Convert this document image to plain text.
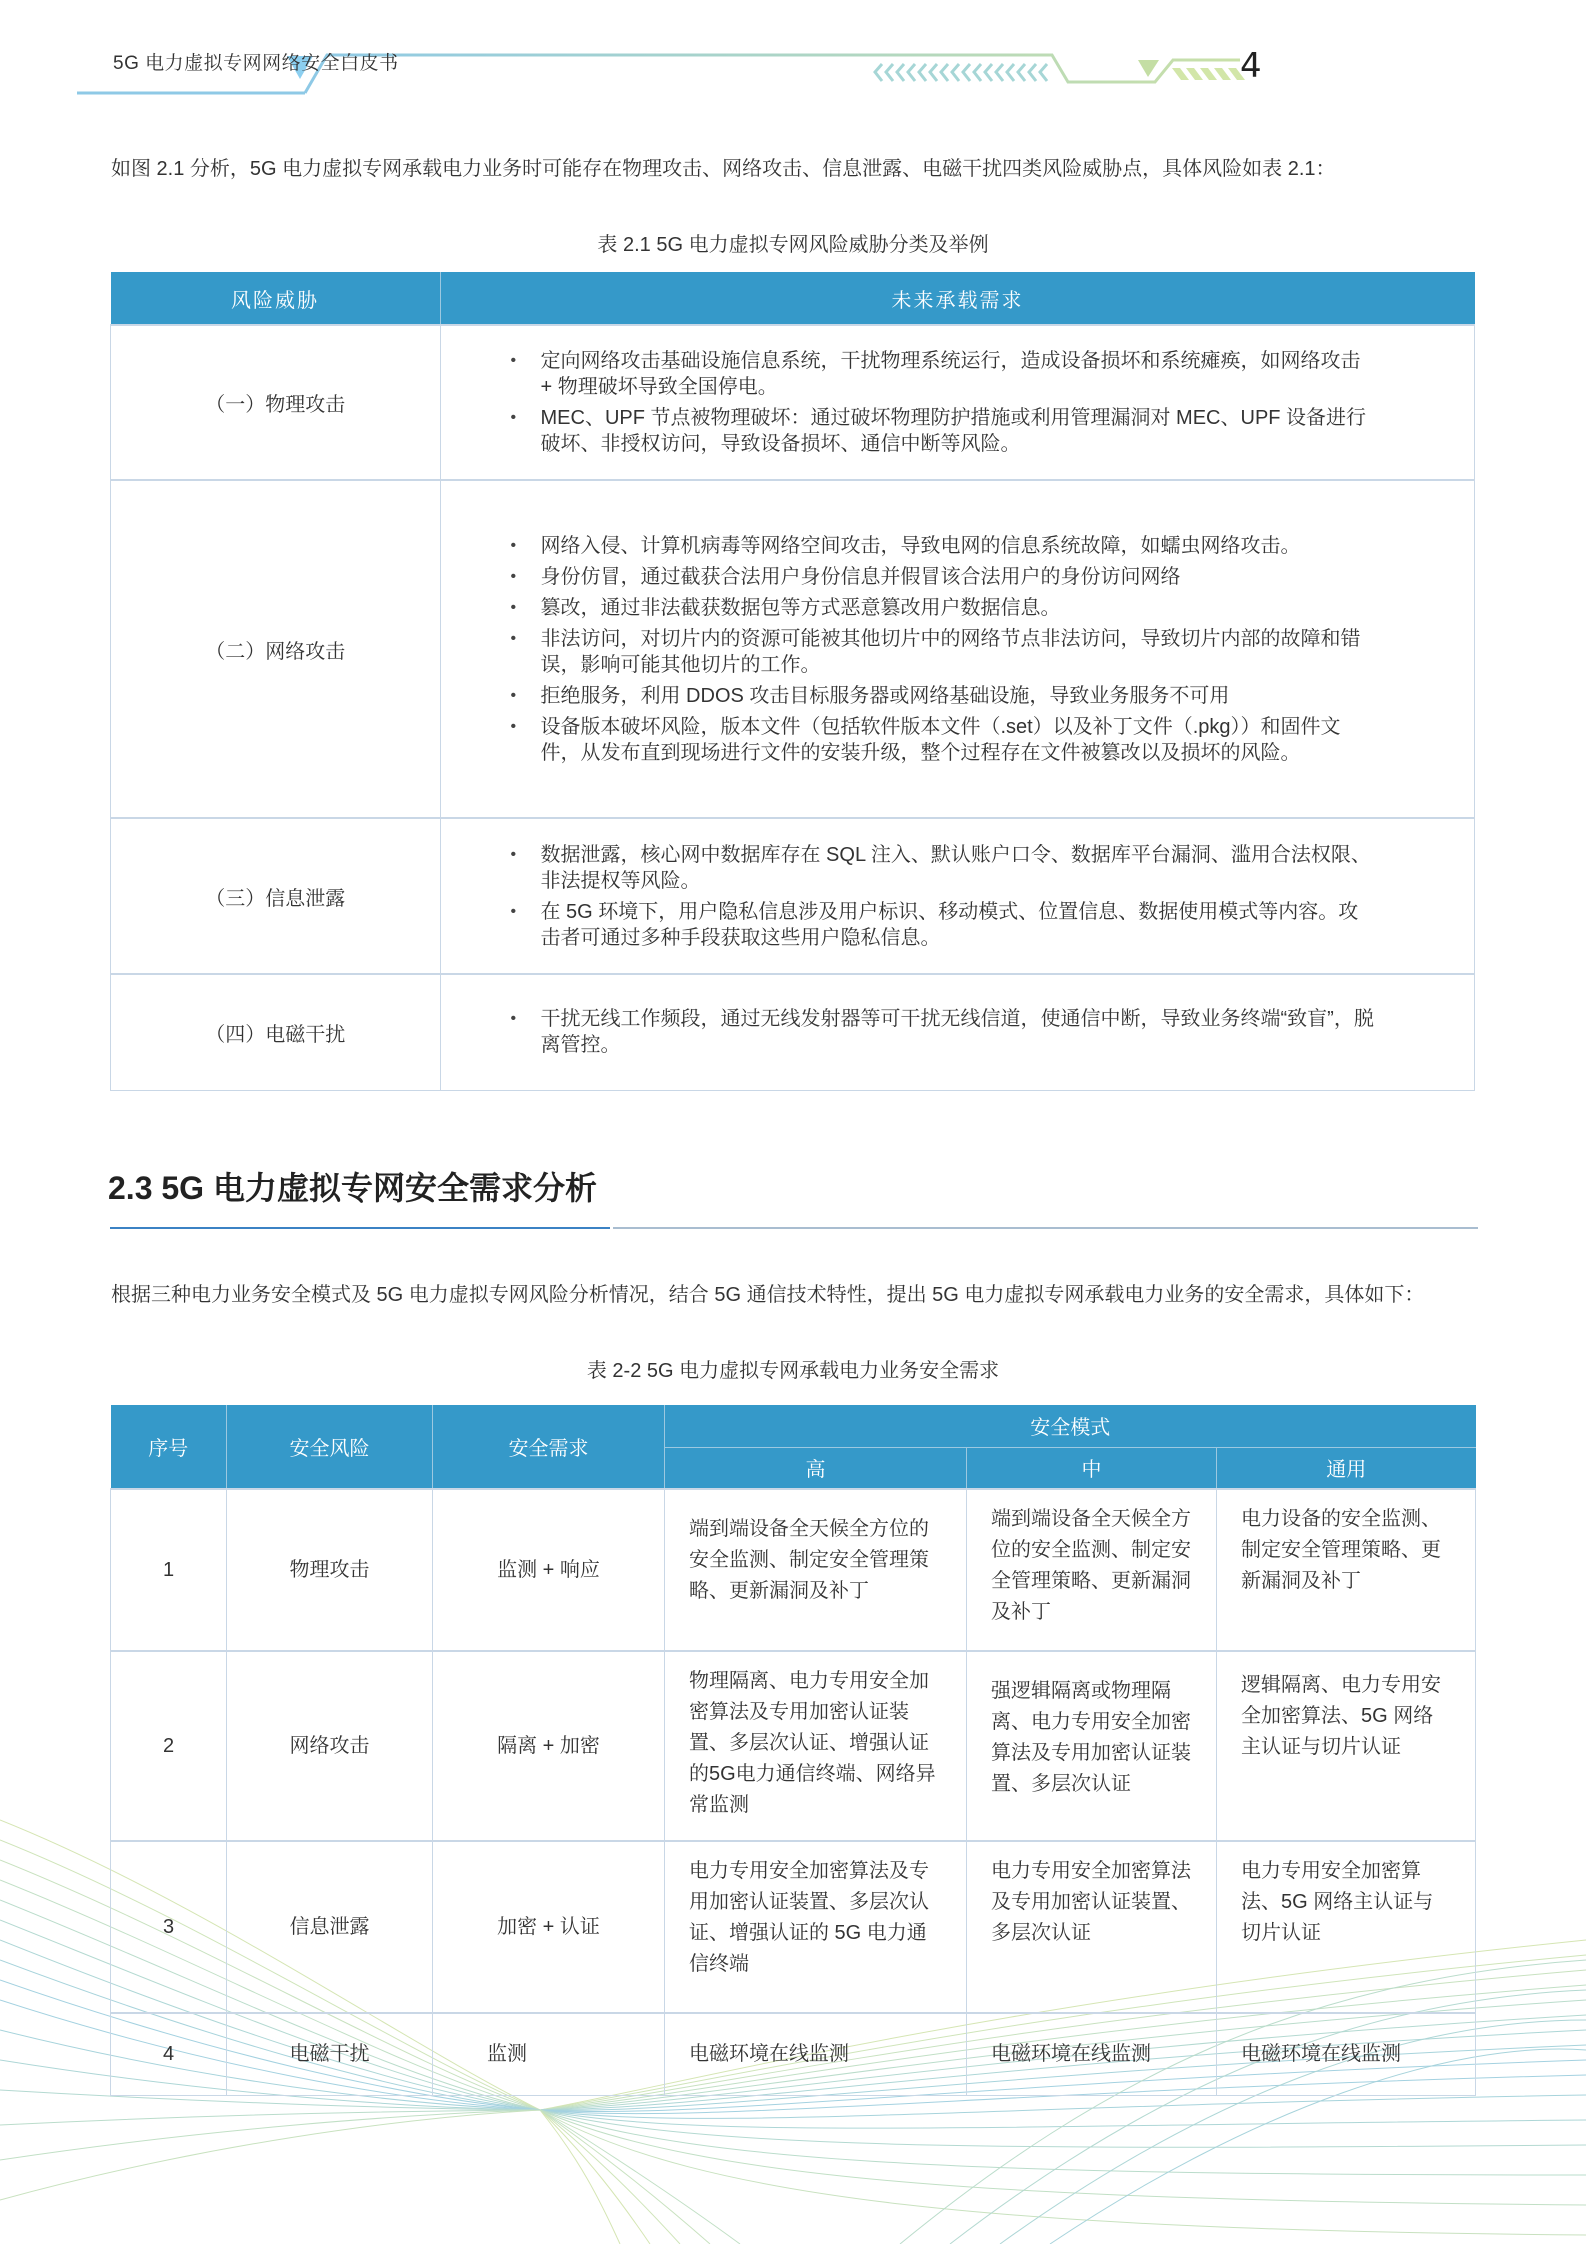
5G 电力虚拟专网网络安全白皮书	4
如图 2.1 分析，5G 电力虚拟专网承载电力业务时可能存在物理攻击、网络攻击、信息泄露、电磁干扰四类风险威胁点，具体风险如表 2.1：
表 2.1 5G 电力虚拟专网风险威胁分类及举例
风险威胁	未来承载需求
（一）物理攻击	
• 定向网络攻击基础设施信息系统，干扰物理系统运行，造成设备损坏和系统瘫痪，如网络攻击 + 物理破坏导致全国停电。
• MEC、UPF 节点被物理破坏：通过破坏物理防护措施或利用管理漏洞对 MEC、UPF 设备进行破坏、非授权访问，导致设备损坏、通信中断等风险。

（二）网络攻击	
• 网络入侵、计算机病毒等网络空间攻击，导致电网的信息系统故障，如蠕虫网络攻击。
• 身份仿冒，通过截获合法用户身份信息并假冒该合法用户的身份访问网络
• 篡改，通过非法截获数据包等方式恶意篡改用户数据信息。
• 非法访问，对切片内的资源可能被其他切片中的网络节点非法访问，导致切片内部的故障和错误，影响可能其他切片的工作。
• 拒绝服务，利用 DDOS 攻击目标服务器或网络基础设施，导致业务服务不可用
• 设备版本破坏风险，版本文件（包括软件版本文件（.set）以及补丁文件（.pkg））和固件文件，从发布直到现场进行文件的安装升级，整个过程存在文件被篡改以及损坏的风险。

（三）信息泄露	
• 数据泄露，核心网中数据库存在 SQL 注入、默认账户口令、数据库平台漏洞、滥用合法权限、非法提权等风险。
• 在 5G 环境下，用户隐私信息涉及用户标识、移动模式、位置信息、数据使用模式等内容。攻击者可通过多种手段获取这些用户隐私信息。

（四）电磁干扰	
• 干扰无线工作频段，通过无线发射器等可干扰无线信道，使通信中断，导致业务终端“致盲”，脱离管控。
2.3 5G 电力虚拟专网安全需求分析
根据三种电力业务安全模式及 5G 电力虚拟专网风险分析情况，结合 5G 通信技术特性，提出 5G 电力虚拟专网承载电力业务的安全需求，具体如下：
表 2-2 5G 电力虚拟专网承载电力业务安全需求
序号	安全风险	安全需求	安全模式		
			高	中	通用
1	物理攻击	监测 + 响应	端到端设备全天候全方位的安全监测、制定安全管理策略、更新漏洞及补丁	端到端设备全天候全方位的安全监测、制定安全管理策略、更新漏洞及补丁	电力设备的安全监测、制定安全管理策略、更新漏洞及补丁
2	网络攻击	隔离 + 加密	物理隔离、电力专用安全加密算法及专用加密认证装置、多层次认证、增强认证的5G电力通信终端、网络异常监测	强逻辑隔离或物理隔离、电力专用安全加密算法及专用加密认证装置、多层次认证	逻辑隔离、电力专用安全加密算法、5G 网络主认证与切片认证
3	信息泄露	加密 + 认证	电力专用安全加密算法及专用加密认证装置、多层次认证、增强认证的 5G 电力通信终端	电力专用安全加密算法及专用加密认证装置、多层次认证	电力专用安全加密算法、5G 网络主认证与切片认证
4	电磁干扰	监测	电磁环境在线监测	电磁环境在线监测	电磁环境在线监测
